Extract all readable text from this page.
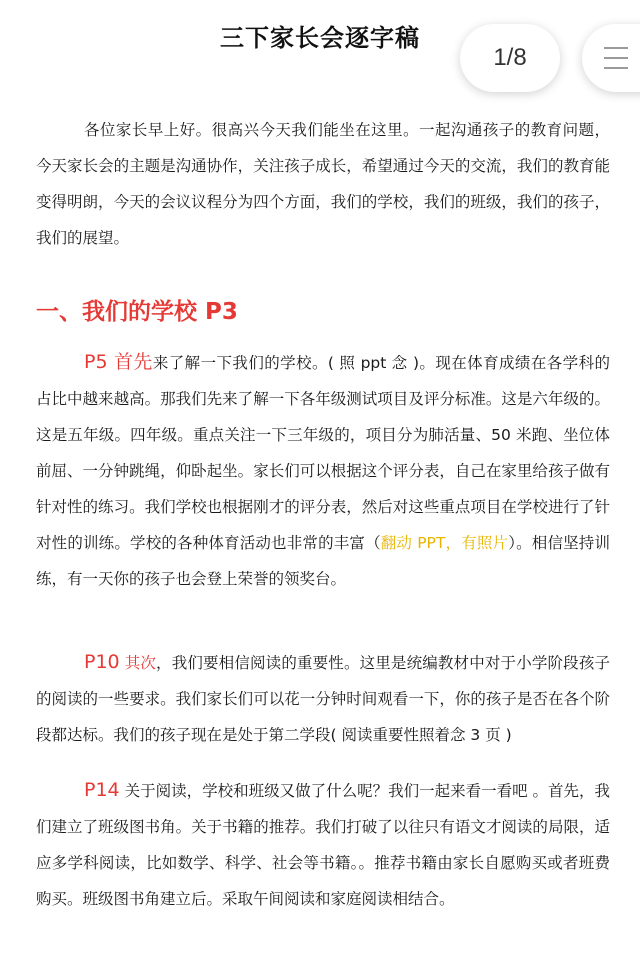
三下家长会逐字稿
1/8

各位家长早上好。很高兴今天我们能坐在这里。一起沟通孩子的教育问题，今天家长会的主题是沟通协作，关注孩子成长，希望通过今天的交流，我们的教育能变得明朗，今天的会议议程分为四个方面，我们的学校，我们的班级，我们的孩子，我们的展望。

一、我们的学校 P3

P5 首先来了解一下我们的学校。( 照 ppt 念 )。现在体育成绩在各学科的占比中越来越高。那我们先来了解一下各年级测试项目及评分标准。这是六年级的。这是五年级。四年级。重点关注一下三年级的，项目分为肺活量、50 米跑、坐位体前屈、一分钟跳绳，仰卧起坐。家长们可以根据这个评分表，自己在家里给孩子做有针对性的练习。我们学校也根据刚才的评分表，然后对这些重点项目在学校进行了针对性的训练。学校的各种体育活动也非常的丰富（翻动 PPT，有照片）。相信坚持训练，有一天你的孩子也会登上荣誉的领奖台。

P10 其次，我们要相信阅读的重要性。这里是统编教材中对于小学阶段孩子的阅读的一些要求。我们家长们可以花一分钟时间观看一下，你的孩子是否在各个阶段都达标。我们的孩子现在是处于第二学段( 阅读重要性照着念 3 页 )

P14 关于阅读，学校和班级又做了什么呢？我们一起来看一看吧 。首先，我们建立了班级图书角。关于书籍的推荐。我们打破了以往只有语文才阅读的局限，适应多学科阅读，比如数学、科学、社会等书籍。。推荐书籍由家长自愿购买或者班费购买。班级图书角建立后。采取午间阅读和家庭阅读相结合。
